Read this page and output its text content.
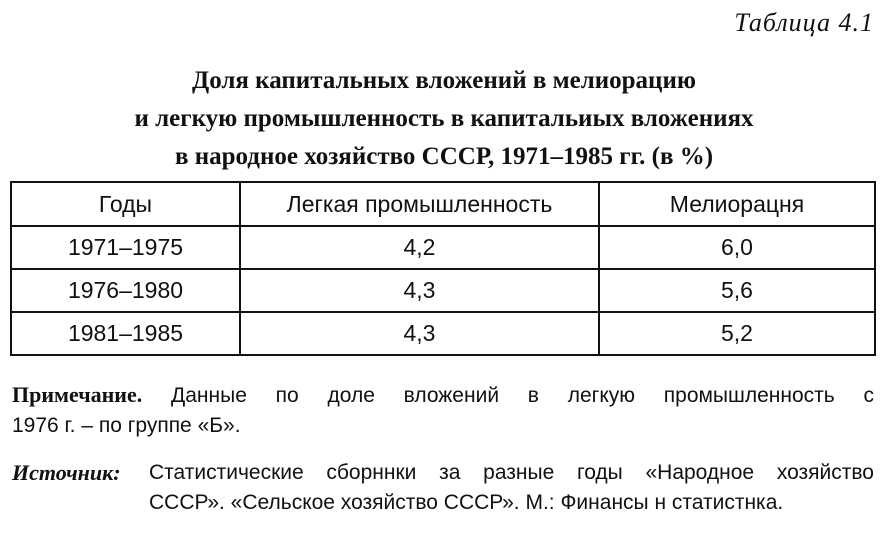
Таблица 4.1
Доля капитальных вложений в мелиорацию
и легкую промышленность в капитальиых вложениях
в народное хозяйство СССР, 1971–1985 гг. (в %)
Годы	Легкая промышленность	Мелиорацня
1971–1975	4,2	6,0
1976–1980	4,3	5,6
1981–1985	4,3	5,2
Примечание. Данные по доле вложений в легкую промышленность с
1976 г. – по группе «Б».
Источник: Статистические сборннки за разные годы «Народное хозяйство
СССР». «Сельское хозяйство СССР». М.: Финансы н статистнка.
